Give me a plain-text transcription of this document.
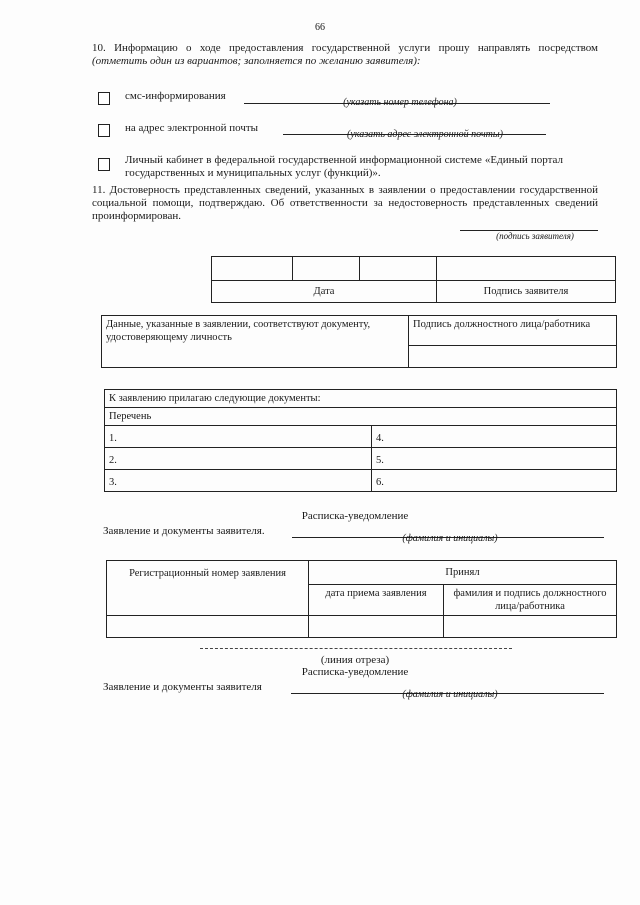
66
10. Информацию о ходе предоставления государственной услуги прошу направлять посредством (отметить один из вариантов; заполняется по желанию заявителя):
смс-информирования
(указать номер телефона)
на адрес электронной почты
(указать адрес электронной почты)
Личный кабинет в федеральной государственной информационной системе «Единый портал государственных и муниципальных услуг (функций)».
11. Достоверность представленных сведений, указанных в заявлении о предоставлении государственной социальной помощи, подтверждаю. Об ответственности за недостоверность представленных сведений проинформирован.
(подпись заявителя)

Дата			Подпись заявителя
Данные, указанные в заявлении, соответствуют документу, удостоверяющему личность	Подпись должностного лица/работника

К заявлению прилагаю следующие документы:	
Перечень	
1.	4.
2.	5.
3.	6.
Расписка-уведомление
Заявление и документы заявителя.
(фамилия и инициалы)
Регистрационный номер заявления	Принял	
	дата приема заявления	фамилия и подпись должностного лица/работника

(линия отреза)
Расписка-уведомление
Заявление и документы заявителя
(фамилия и инициалы)
